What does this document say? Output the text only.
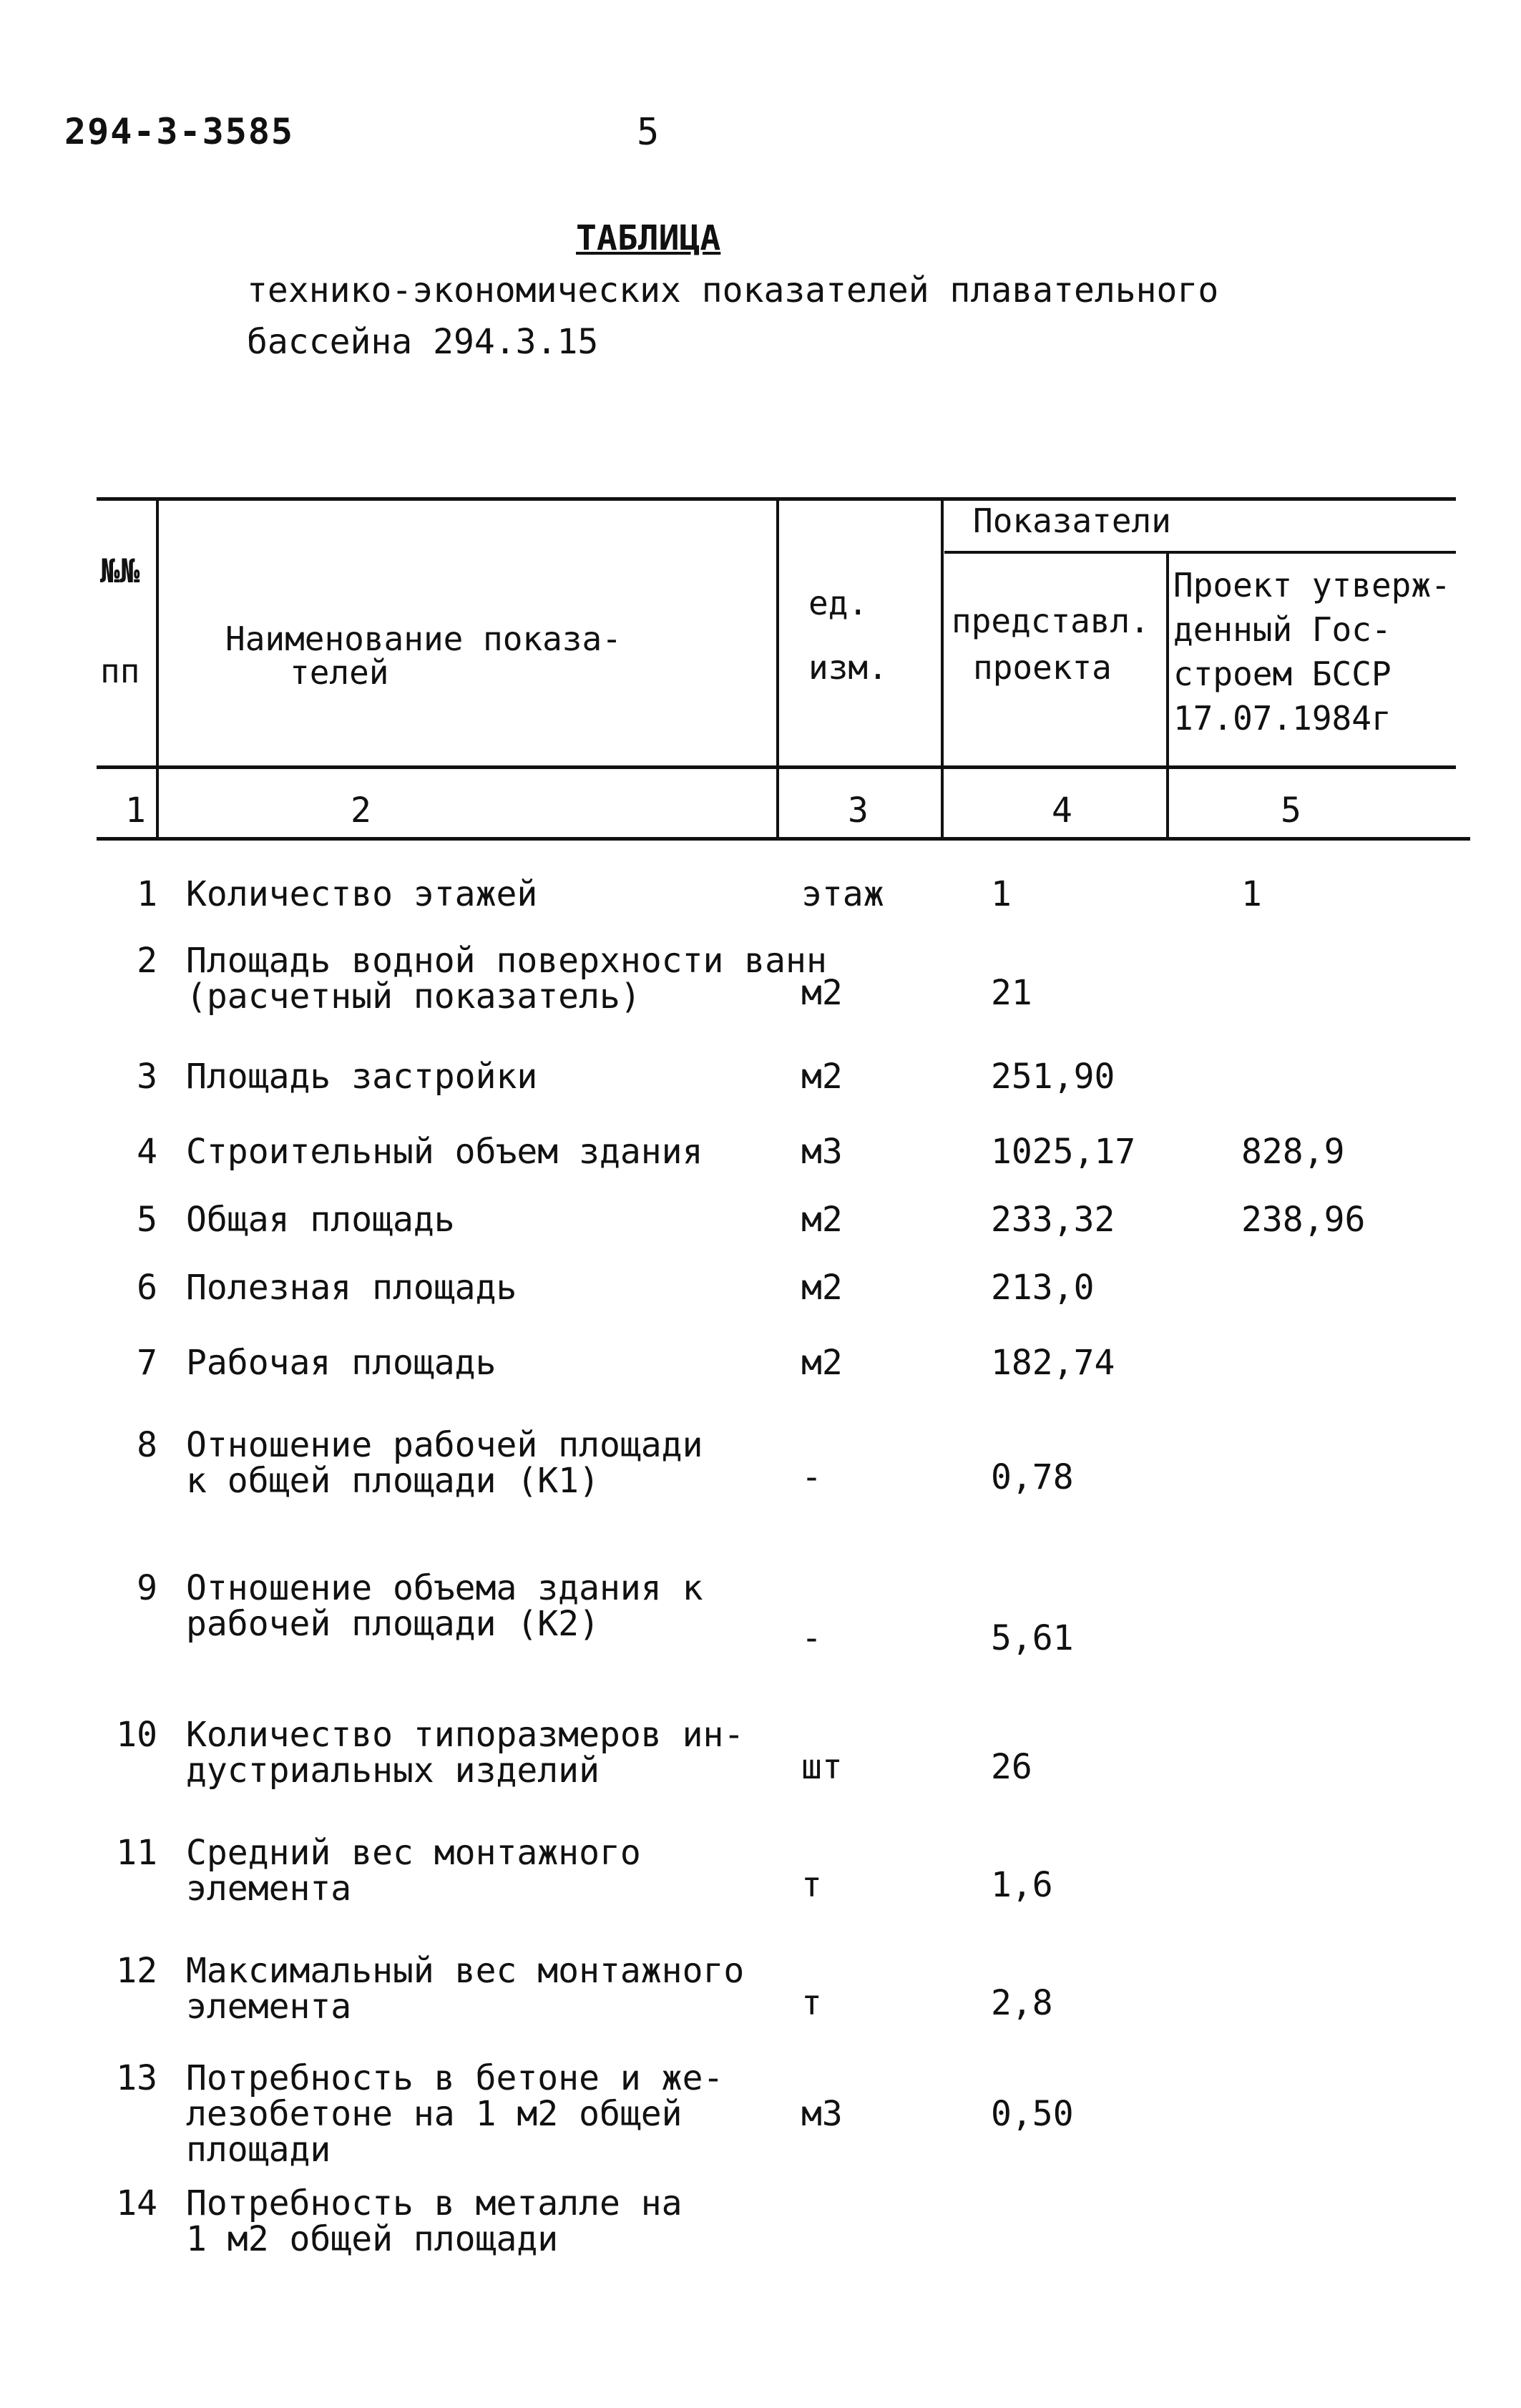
294-3-3585	5
ТАБЛИЦА
технико-экономических показателей плавательного
бассейна 294.3.15
№№
пп
Наименование показа-
телей
ед.
изм.
Показатели
представл.
проекта
Проект утверж-
денный Гос-
строем БССР
17.07.1984г
1	2	3	4	5
1 Количество этажей	этаж	1	1
2 Площадь водной поверхности ванн
(расчетный показатель)	м2	21
3 Площадь застройки	м2	251,90
4 Строительный объем здания	м3	1025,17	828,9
5 Общая площадь	м2	233,32	238,96
6 Полезная площадь	м2	213,0
7 Рабочая площадь	м2	182,74
8 Отношение рабочей площади
к общей площади (К1)	-	0,78
9 Отношение объема здания к
рабочей площади (К2)	-	5,61
10 Количество типоразмеров ин-
дустриальных изделий	шт	26
11 Средний вес монтажного
элемента	т	1,6
12 Максимальный вес монтажного
элемента	т	2,8
13 Потребность в бетоне и же-
лезобетоне на 1 м2 общей
площади
м3	0,50
14 Потребность в металле на
1 м2 общей площади
